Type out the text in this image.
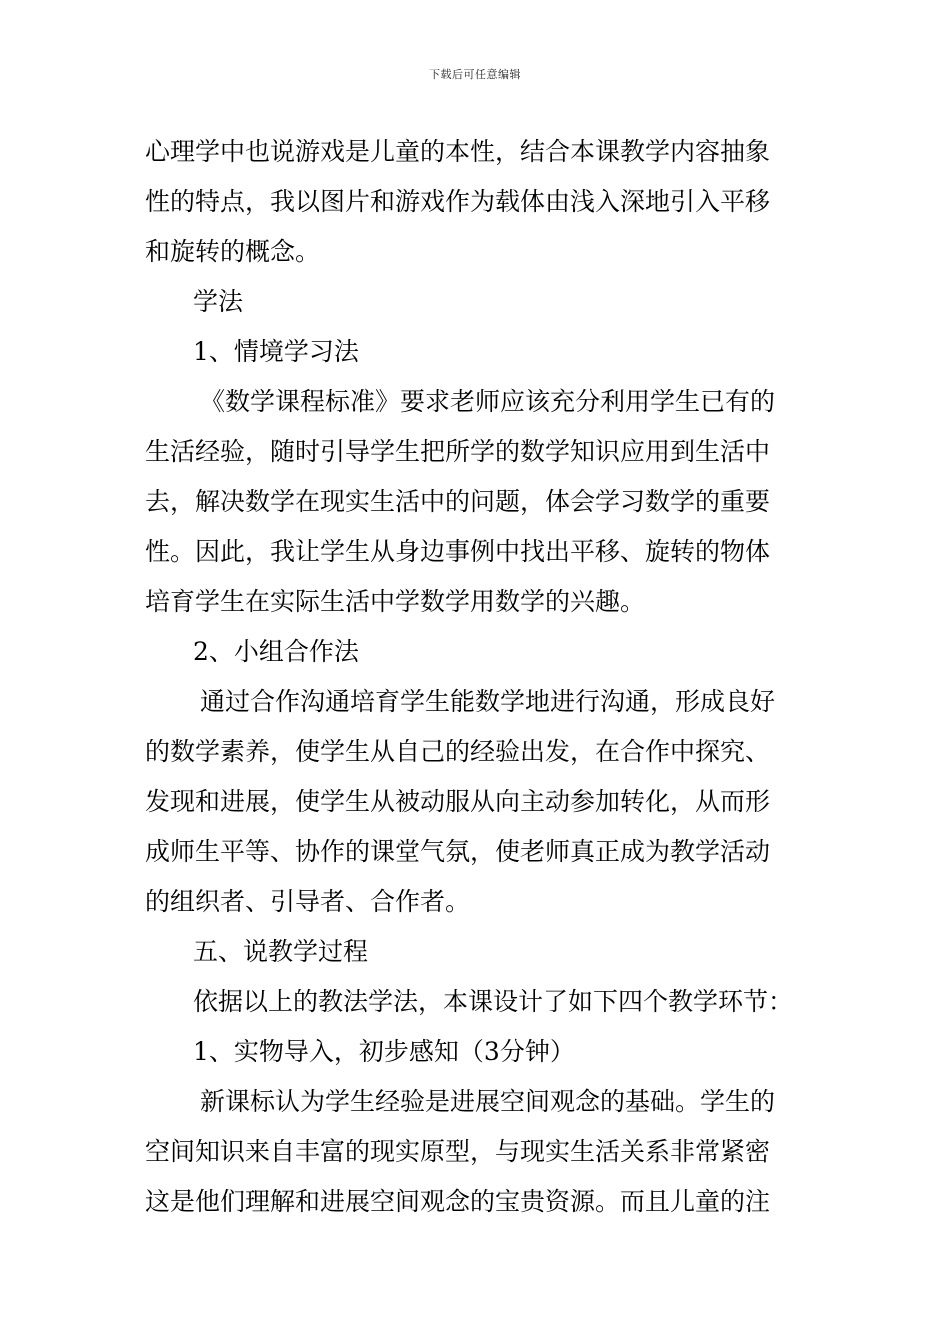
下载后可任意编辑
心理学中也说游戏是儿童的本性，结合本课教学内容抽象
性的特点，我以图片和游戏作为载体由浅入深地引入平移
和旋转的概念。
学法
1、情境学习法
《数学课程标准》要求老师应该充分利用学生已有的
生活经验，随时引导学生把所学的数学知识应用到生活中
去，解决数学在现实生活中的问题，体会学习数学的重要
性。因此，我让学生从身边事例中找出平移、旋转的物体
培育学生在实际生活中学数学用数学的兴趣。
2、小组合作法
通过合作沟通培育学生能数学地进行沟通，形成良好
的数学素养，使学生从自己的经验出发，在合作中探究、
发现和进展，使学生从被动服从向主动参加转化，从而形
成师生平等、协作的课堂气氛，使老师真正成为教学活动
的组织者、引导者、合作者。
五、说教学过程
依据以上的教法学法，本课设计了如下四个教学环节：
1、实物导入，初步感知（3分钟）
新课标认为学生经验是进展空间观念的基础。学生的
空间知识来自丰富的现实原型，与现实生活关系非常紧密
这是他们理解和进展空间观念的宝贵资源。而且儿童的注
